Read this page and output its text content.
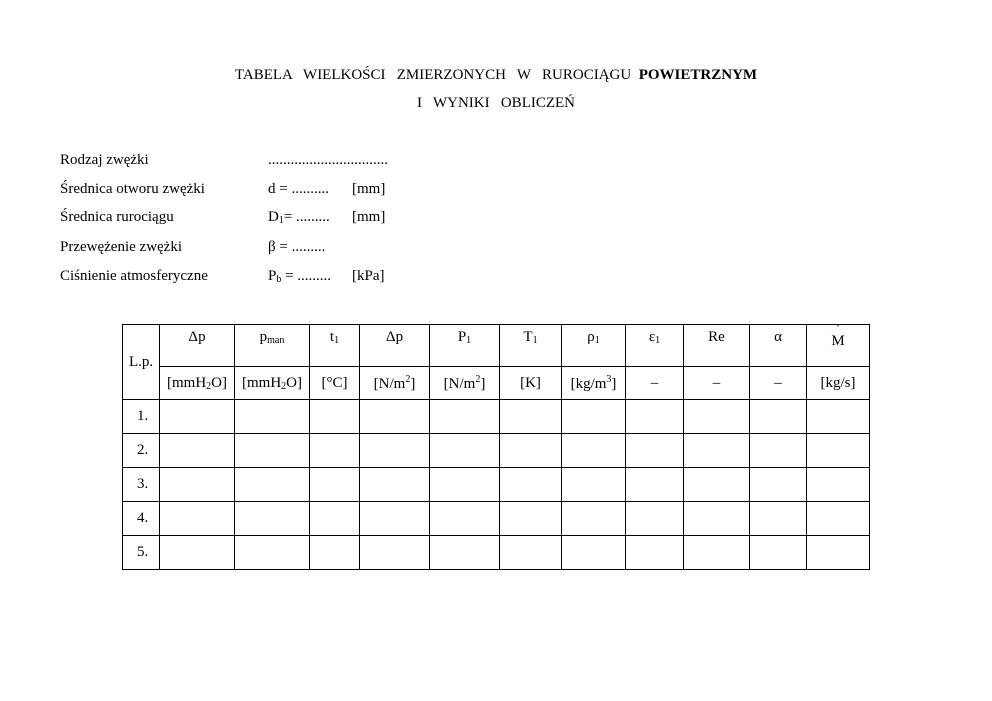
TABELA   WIELKOŚCI   ZMIERZONYCH   W   RUROCIĄGU  POWIETRZNYM
I   WYNIKI   OBLICZEŃ
Rodzaj zwężki	................................
Średnica otworu zwężki	d = .......... [mm]
Średnica rurociągu	$D_1=$ ......... [mm]
Przewężenie zwężki	β = .........
Ciśnienie atmosferyczne	$P_b$ = ......... [kPa]
L.p.	Δp	$p_{man}$	$t_1$	Δp	$P_1$	$T_1$	$\rho_1$	$\varepsilon_1$	Re	α	˙ M
	[mmH$_2$O]	[mmH$_2$O]	[°C]	$[N/m^2]$	$[N/m^2]$	[K]	$[kg/m^3]$	–	–	–	[kg/s]
1.											
2.											
3.											
4.											
5.											
